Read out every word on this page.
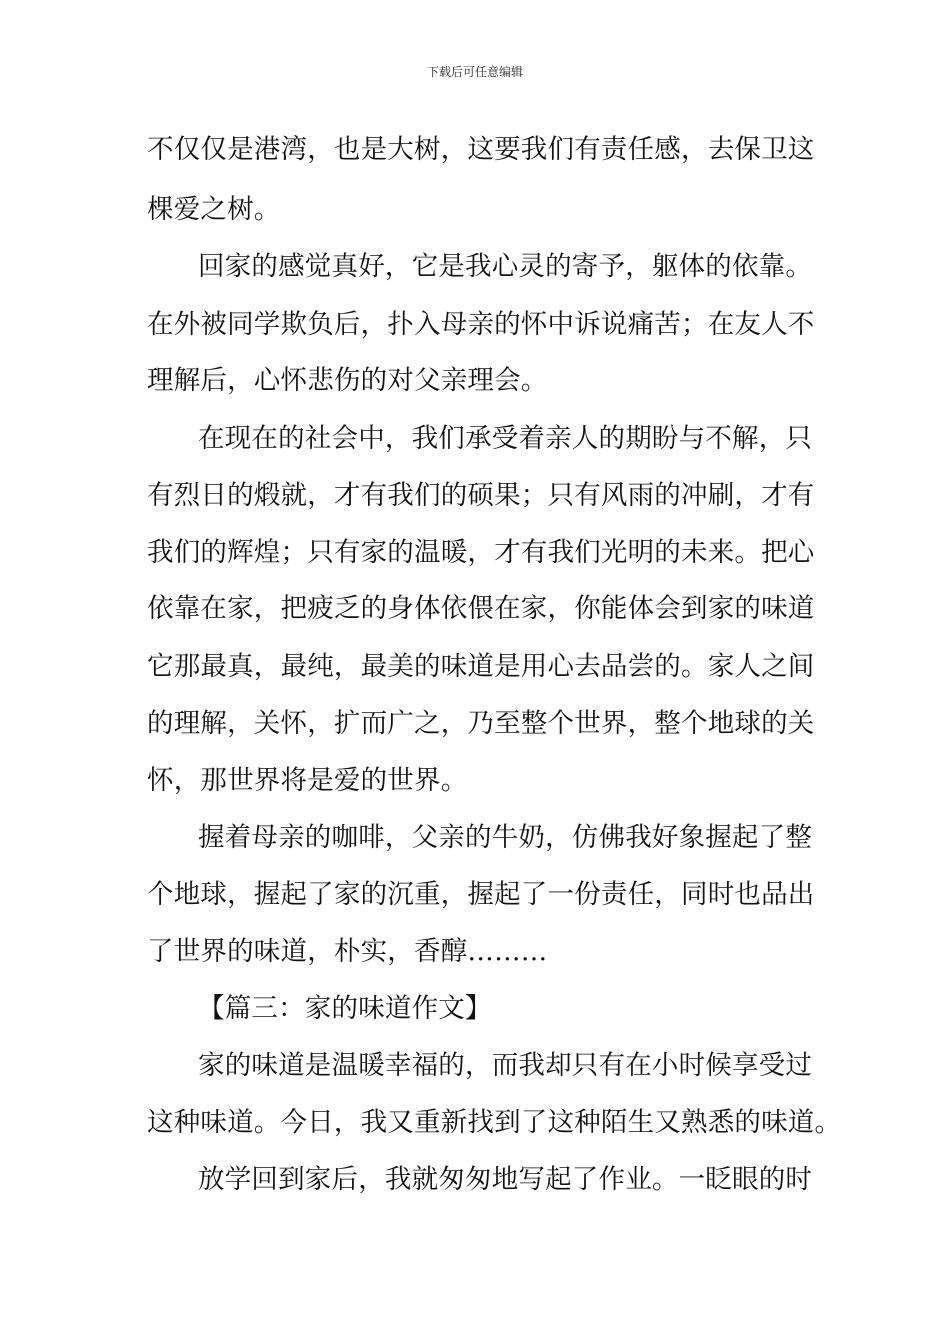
下载后可任意编辑
不仅仅是港湾，也是大树，这要我们有责任感，去保卫这
棵爱之树。
回家的感觉真好，它是我心灵的寄予，躯体的依靠。
在外被同学欺负后，扑入母亲的怀中诉说痛苦；在友人不
理解后，心怀悲伤的对父亲理会。
在现在的社会中，我们承受着亲人的期盼与不解，只
有烈日的煅就，才有我们的硕果；只有风雨的冲刷，才有
我们的辉煌；只有家的温暖，才有我们光明的未来。把心
依靠在家，把疲乏的身体依偎在家，你能体会到家的味道
它那最真，最纯，最美的味道是用心去品尝的。家人之间
的理解，关怀，扩而广之，乃至整个世界，整个地球的关
怀，那世界将是爱的世界。
握着母亲的咖啡，父亲的牛奶，仿佛我好象握起了整
个地球，握起了家的沉重，握起了一份责任，同时也品出
了世界的味道，朴实，香醇………
【篇三：家的味道作文】
家的味道是温暖幸福的，而我却只有在小时候享受过
这种味道。今日，我又重新找到了这种陌生又熟悉的味道。
放学回到家后，我就匆匆地写起了作业。一眨眼的时
